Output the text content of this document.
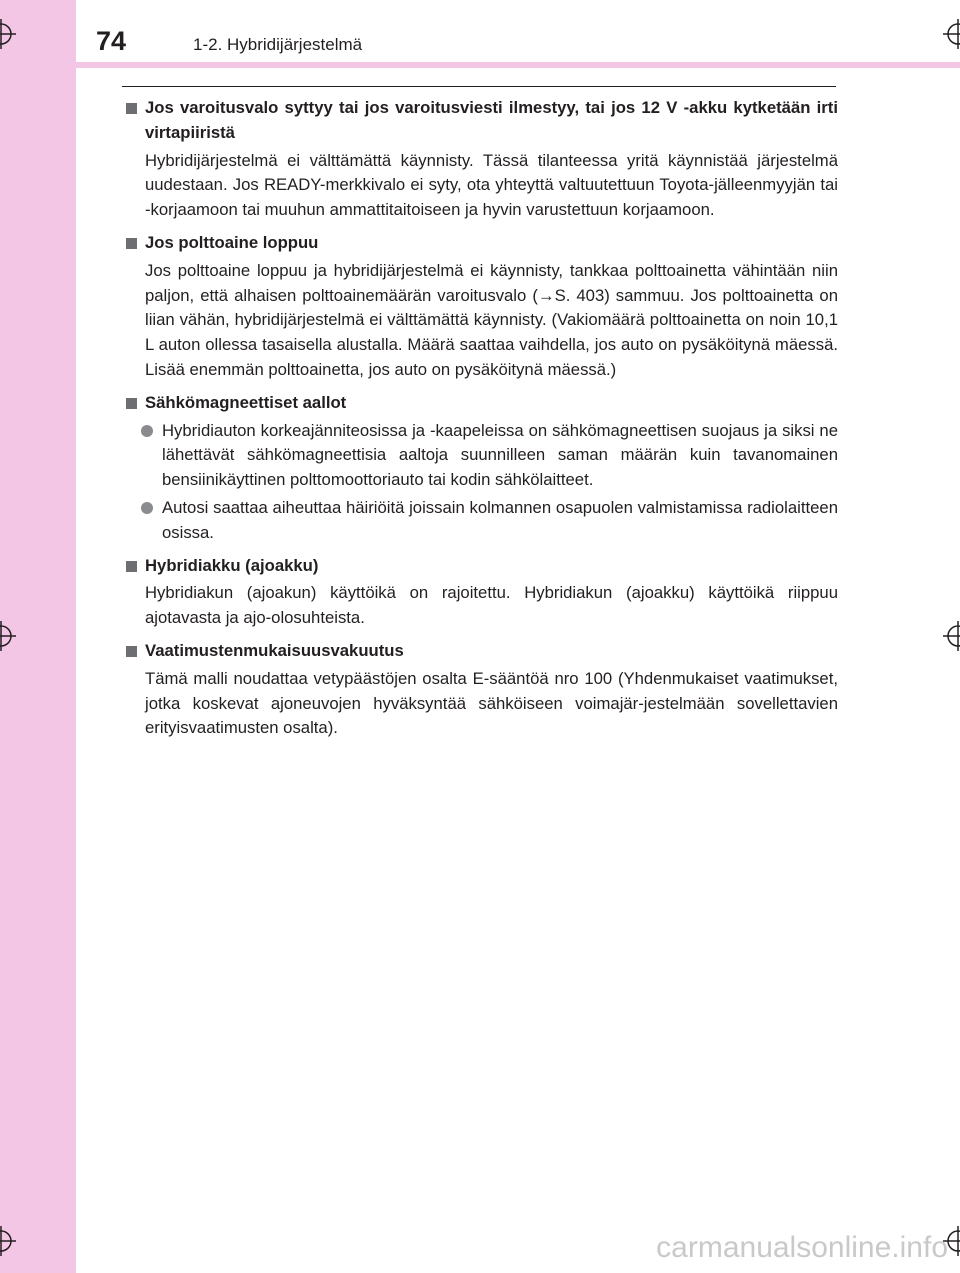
74	1-2. Hybridijärjestelmä
Jos varoitusvalo syttyy tai jos varoitusviesti ilmestyy, tai jos 12 V -akku kytketään irti virtapiiristä
Hybridijärjestelmä ei välttämättä käynnisty. Tässä tilanteessa yritä käynnistää järjestelmä uudestaan. Jos READY-merkkivalo ei syty, ota yhteyttä valtuutettuun Toyota-jälleenmyyjän tai -korjaamoon tai muuhun ammattitaitoiseen ja hyvin varustettuun korjaamoon.
Jos polttoaine loppuu
Jos polttoaine loppuu ja hybridijärjestelmä ei käynnisty, tankkaa polttoainetta vähintään niin paljon, että alhaisen polttoainemäärän varoitusvalo (→S. 403) sammuu. Jos polttoainetta on liian vähän, hybridijärjestelmä ei välttämättä käynnisty. (Vakiomäärä polttoainetta on noin 10,1 L auton ollessa tasaisella alustalla. Määrä saattaa vaihdella, jos auto on pysäköitynä mäessä. Lisää enemmän polttoainetta, jos auto on pysäköitynä mäessä.)
Sähkömagneettiset aallot
Hybridiauton korkeajänniteosissa ja -kaapeleissa on sähkömagneettisen suojaus ja siksi ne lähettävät sähkömagneettisia aaltoja suunnilleen saman määrän kuin tavanomainen bensiinikäyttinen polttomoottoriauto tai kodin sähkölaitteet.
Autosi saattaa aiheuttaa häiriöitä joissain kolmannen osapuolen valmistamissa radiolaitteen osissa.
Hybridiakku (ajoakku)
Hybridiakun (ajoakun) käyttöikä on rajoitettu. Hybridiakun (ajoakku) käyttöikä riippuu ajotavasta ja ajo-olosuhteista.
Vaatimustenmukaisuusvakuutus
Tämä malli noudattaa vetypäästöjen osalta E-sääntöä nro 100 (Yhdenmukaiset vaatimukset, jotka koskevat ajoneuvojen hyväksyntää sähköiseen voimajär-jestelmään sovellettavien erityisvaatimusten osalta).
carmanualsonline.info
